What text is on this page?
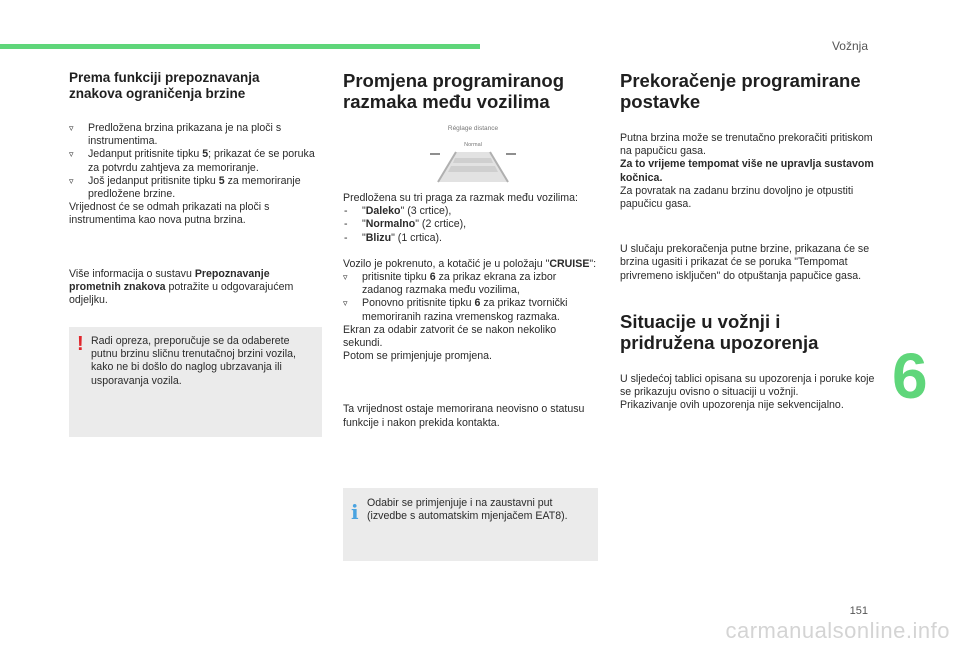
Vožnja
Prema funkciji prepoznavanja
znakova ograničenja brzine
▿ Predložena brzina prikazana je na ploči s instrumentima.
▿ Jedanput pritisnite tipku 5; prikazat će se poruka za potvrdu zahtjeva za memoriranje.
▿ Još jedanput pritisnite tipku 5 za memoriranje predložene brzine.

Vrijednost će se odmah prikazati na ploči s instrumentima kao nova putna brzina.

Više informacija o sustavu Prepoznavanje prometnih znakova potražite u odgovarajućem odjeljku.

! Radi opreza, preporučuje se da odaberete putnu brzinu sličnu trenutačnoj brzini vozila, kako ne bi došlo do naglog ubrzavanja ili usporavanja vozila.
Promjena programiranog
razmaka među vozilima
Réglage distance
Normal

Predložena su tri praga za razmak među vozilima:

- "Daleko" (3 crtice),
- "Normalno" (2 crtice),
- "Blizu" (1 crtica).

Vozilo je pokrenuto, a kotačić je u položaju "CRUISE":

▿ pritisnite tipku 6 za prikaz ekrana za izbor zadanog razmaka među vozilima,
▿ Ponovno pritisnite tipku 6 za prikaz tvornički memoriranih razina vremenskog razmaka.

Ekran za odabir zatvorit će se nakon nekoliko sekundi.

Potom se primjenjuje promjena.

Ta vrijednost ostaje memorirana neovisno o statusu funkcije i nakon prekida kontakta.

i Odabir se primjenjuje i na zaustavni put (izvedbe s automatskim mjenjačem EAT8).
Prekoračenje programirane
postavke

Putna brzina može se trenutačno prekoračiti pritiskom na papučicu gasa.

Za to vrijeme tempomat više ne upravlja sustavom kočnica.

Za povratak na zadanu brzinu dovoljno je otpustiti papučicu gasa.

U slučaju prekoračenja putne brzine, prikazana će se brzina ugasiti i prikazat će se poruka "Tempomat privremeno isključen" do otpuštanja papučice gasa.

Situacije u vožnji i
pridružena upozorenja

U sljedećoj tablici opisana su upozorenja i poruke koje se prikazuju ovisno o situaciji u vožnji.

Prikazivanje ovih upozorenja nije sekvencijalno. 6
151
carmanualsonline.info
